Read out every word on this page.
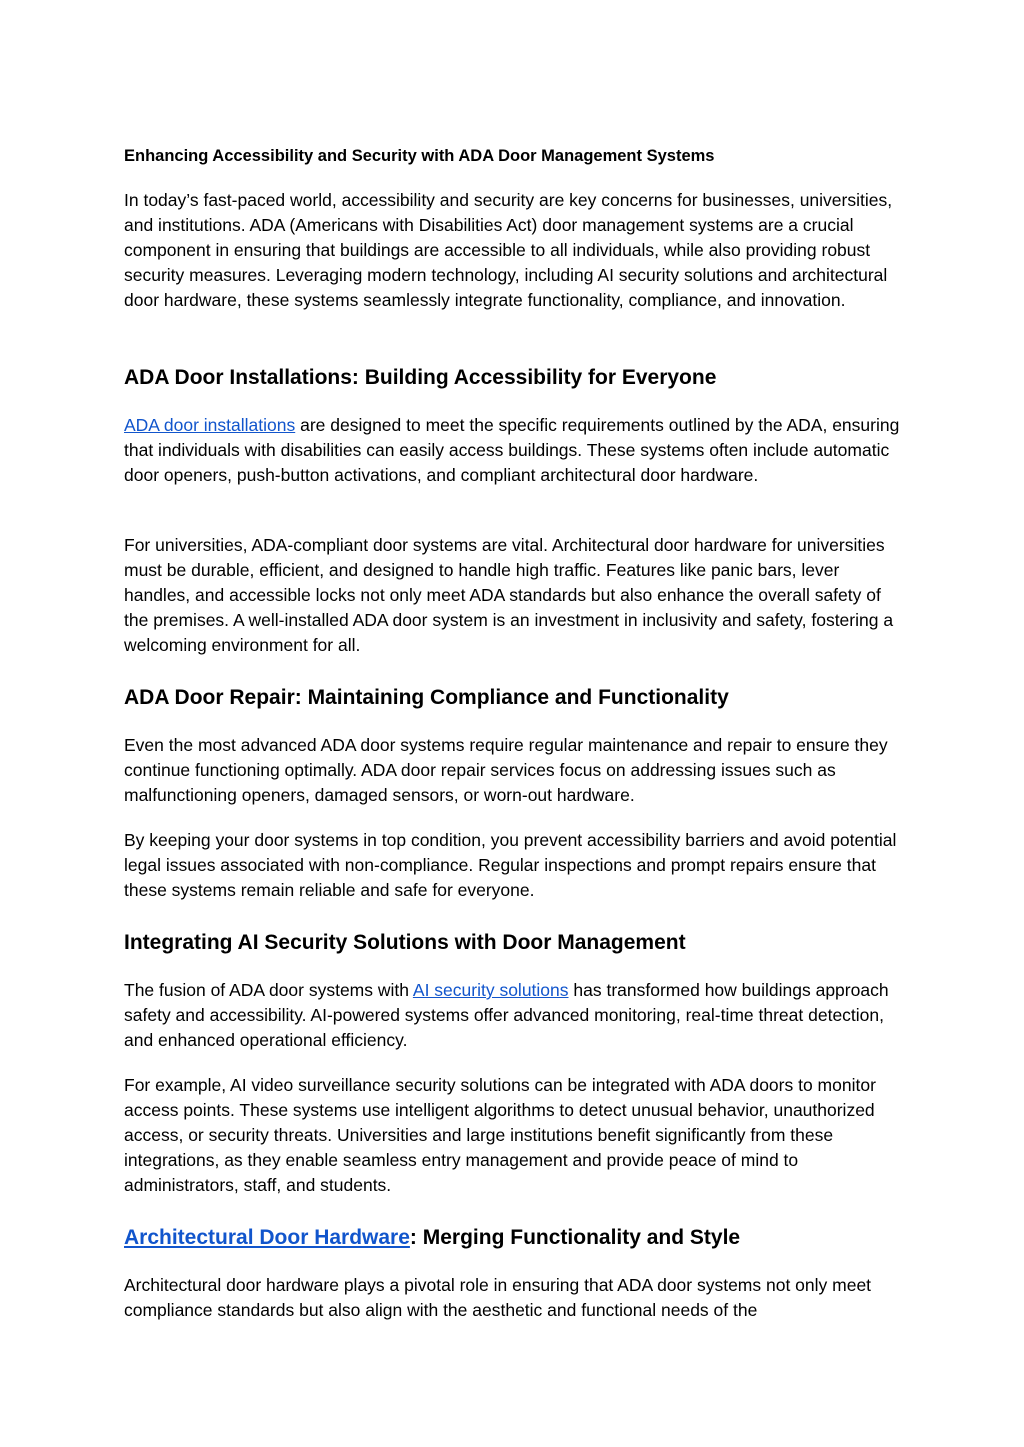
Enhancing Accessibility and Security with ADA Door Management Systems

In today’s fast-paced world, accessibility and security are key concerns for businesses, universities, and institutions. ADA (Americans with Disabilities Act) door management systems are a crucial component in ensuring that buildings are accessible to all individuals, while also providing robust security measures. Leveraging modern technology, including AI security solutions and architectural door hardware, these systems seamlessly integrate functionality, compliance, and innovation.

ADA Door Installations: Building Accessibility for Everyone

ADA door installations are designed to meet the specific requirements outlined by the ADA, ensuring that individuals with disabilities can easily access buildings. These systems often include automatic door openers, push-button activations, and compliant architectural door hardware.

For universities, ADA-compliant door systems are vital. Architectural door hardware for universities must be durable, efficient, and designed to handle high traffic. Features like panic bars, lever handles, and accessible locks not only meet ADA standards but also enhance the overall safety of the premises. A well-installed ADA door system is an investment in inclusivity and safety, fostering a welcoming environment for all.

ADA Door Repair: Maintaining Compliance and Functionality

Even the most advanced ADA door systems require regular maintenance and repair to ensure they continue functioning optimally. ADA door repair services focus on addressing issues such as malfunctioning openers, damaged sensors, or worn-out hardware.

By keeping your door systems in top condition, you prevent accessibility barriers and avoid potential legal issues associated with non-compliance. Regular inspections and prompt repairs ensure that these systems remain reliable and safe for everyone.

Integrating AI Security Solutions with Door Management

The fusion of ADA door systems with AI security solutions has transformed how buildings approach safety and accessibility. AI-powered systems offer advanced monitoring, real-time threat detection, and enhanced operational efficiency.

For example, AI video surveillance security solutions can be integrated with ADA doors to monitor access points. These systems use intelligent algorithms to detect unusual behavior, unauthorized access, or security threats. Universities and large institutions benefit significantly from these integrations, as they enable seamless entry management and provide peace of mind to administrators, staff, and students.

Architectural Door Hardware: Merging Functionality and Style

Architectural door hardware plays a pivotal role in ensuring that ADA door systems not only meet compliance standards but also align with the aesthetic and functional needs of the
